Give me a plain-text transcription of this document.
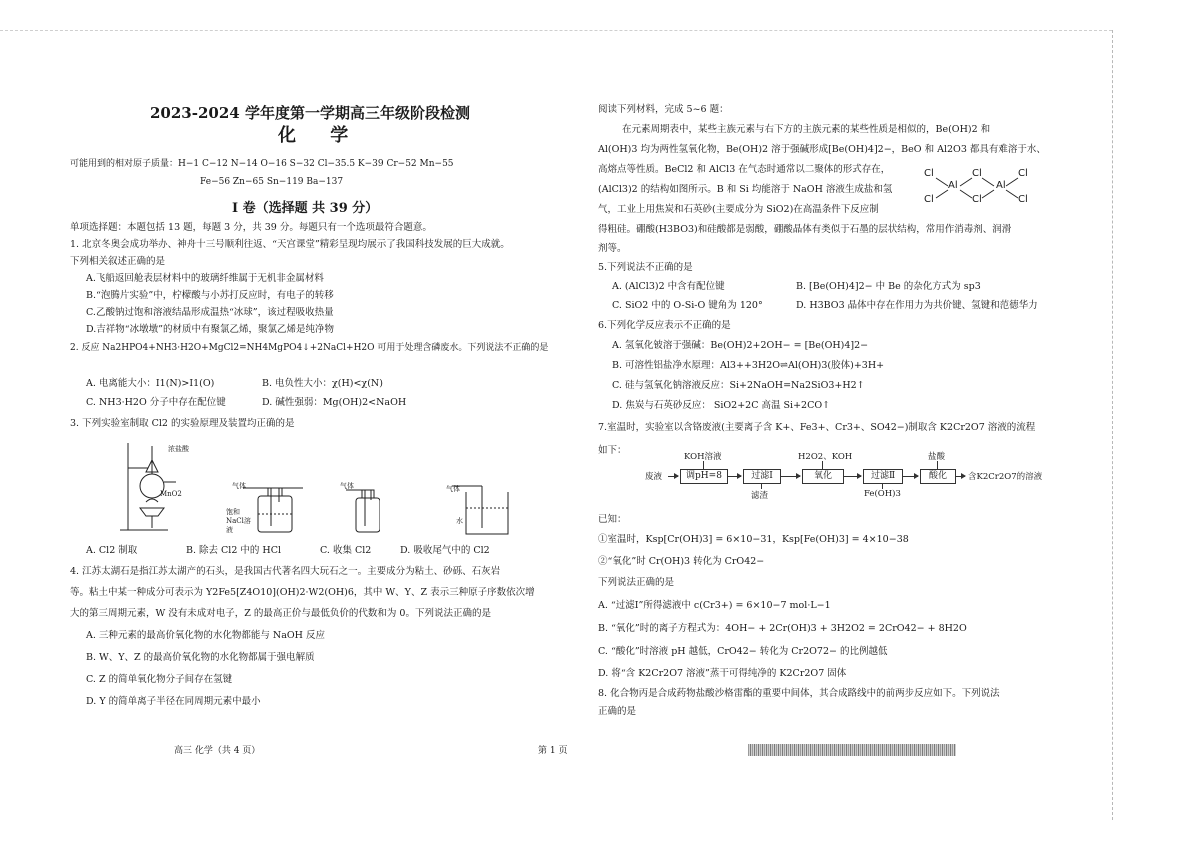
2023-2024 学年度第一学期高三年级阶段检测
化 学
可能用到的相对原子质量：H−1 C−12 N−14 O−16 S−32 Cl−35.5 K−39 Cr−52 Mn−55
Fe−56 Zn−65 Sn−119 Ba−137
I 卷（选择题 共 39 分）
单项选择题：本题包括 13 题，每题 3 分，共 39 分。每题只有一个选项最符合题意。
1. 北京冬奥会成功举办、神舟十三号顺利往返、“天宫课堂”精彩呈现均展示了我国科技发展的巨大成就。
下列相关叙述正确的是
A.飞船返回舱表层材料中的玻璃纤维属于无机非金属材料
B.“泡腾片实验”中，柠檬酸与小苏打反应时，有电子的转移
C.乙酸钠过饱和溶液结晶形成温热“冰球”，该过程吸收热量
D.吉祥物“冰墩墩”的材质中有聚氯乙烯，聚氯乙烯是纯净物
2. 反应 Na2HPO4+NH3·H2O+MgCl2=NH4MgPO4↓+2NaCl+H2O 可用于处理含磷废水。下列说法不正确的是
A. 电离能大小：I1(N)>I1(O)	B. 电负性大小：χ(H)<χ(N)
C. NH3·H2O 分子中存在配位键	D. 碱性强弱：Mg(OH)2<NaOH
3. 下列实验室制取 Cl2 的实验原理及装置均正确的是
浓盐酸
MnO2
气体
饱和NaCl溶液
气体	气体
水
A. Cl2 制取	B. 除去 Cl2 中的 HCl	C. 收集 Cl2	D. 吸收尾气中的 Cl2
4. 江苏太湖石是指江苏太湖产的石头，是我国古代著名四大玩石之一。主要成分为粘土、砂砾、石灰岩
等。粘土中某一种成分可表示为 Y2Fe5[Z4O10](OH)2·W2(OH)6，其中 W、Y、Z 表示三种原子序数依次增
大的第三周期元素，W 没有未成对电子，Z 的最高正价与最低负价的代数和为 0。下列说法正确的是
A. 三种元素的最高价氧化物的水化物都能与 NaOH 反应
B. W、Y、Z 的最高价氧化物的水化物都属于强电解质
C. Z 的简单氧化物分子间存在氢键
D. Y 的简单离子半径在同周期元素中最小
阅读下列材料，完成 5~6 题：
在元素周期表中，某些主族元素与右下方的主族元素的某些性质是相似的，Be(OH)2 和
Al(OH)3 均为两性氢氧化物，Be(OH)2 溶于强碱形成[Be(OH)4]2−，BeO 和 Al2O3 都具有难溶于水、
高熔点等性质。BeCl2 和 AlCl3 在气态时通常以二聚体的形式存在，
(AlCl3)2 的结构如图所示。B 和 Si 均能溶于 NaOH 溶液生成盐和氢
气，工业上用焦炭和石英砂(主要成分为 SiO2)在高温条件下反应制
得粗硅。硼酸(H3BO3)和硅酸都是弱酸，硼酸晶体有类似于石墨的层状结构，常用作消毒剂、润滑
剂等。
Cl	Cl	Cl
Al	Al
Cl	Cl	Cl
5.下列说法不正确的是
A. (AlCl3)2 中含有配位键	B. [Be(OH)4]2− 中 Be 的杂化方式为 sp3
C. SiO2 中的 O-Si-O 键角为 120°	D. H3BO3 晶体中存在作用力为共价键、氢键和范德华力
6.下列化学反应表示不正确的是
A. 氢氧化铍溶于强碱：Be(OH)2+2OH− = [Be(OH)4]2−
B. 可溶性铝盐净水原理：Al3++3H2O⇌Al(OH)3(胶体)+3H+
C. 硅与氢氧化钠溶液反应：Si+2NaOH=Na2SiO3+H2↑
D. 焦炭与石英砂反应： SiO2+2C 高温 Si+2CO↑
7.室温时，实验室以含铬废液(主要离子含 K+、Fe3+、Cr3+、SO42−)制取含 K2Cr2O7 溶液的流程
如下：
废液	调pH=8	过滤Ⅰ	氧化	过滤Ⅱ	酸化	含K2Cr2O7的溶液
KOH溶液	H2O2、KOH	盐酸
滤渣	Fe(OH)3
已知：
①室温时，Ksp[Cr(OH)3] = 6×10−31，Ksp[Fe(OH)3] = 4×10−38
②“氧化”时 Cr(OH)3 转化为 CrO42−
下列说法正确的是
A. “过滤Ⅰ”所得滤液中 c(Cr3+) = 6×10−7 mol·L−1
B. “氧化”时的离子方程式为：4OH− + 2Cr(OH)3 + 3H2O2 = 2CrO42− + 8H2O
C. “酸化”时溶液 pH 越低，CrO42− 转化为 Cr2O72− 的比例越低
D. 将“含 K2Cr2O7 溶液”蒸干可得纯净的 K2Cr2O7 固体
8. 化合物丙是合成药物盐酸沙格雷酯的重要中间体，其合成路线中的前两步反应如下。下列说法
正确的是
高三 化学（共 4 页）	第 1 页
